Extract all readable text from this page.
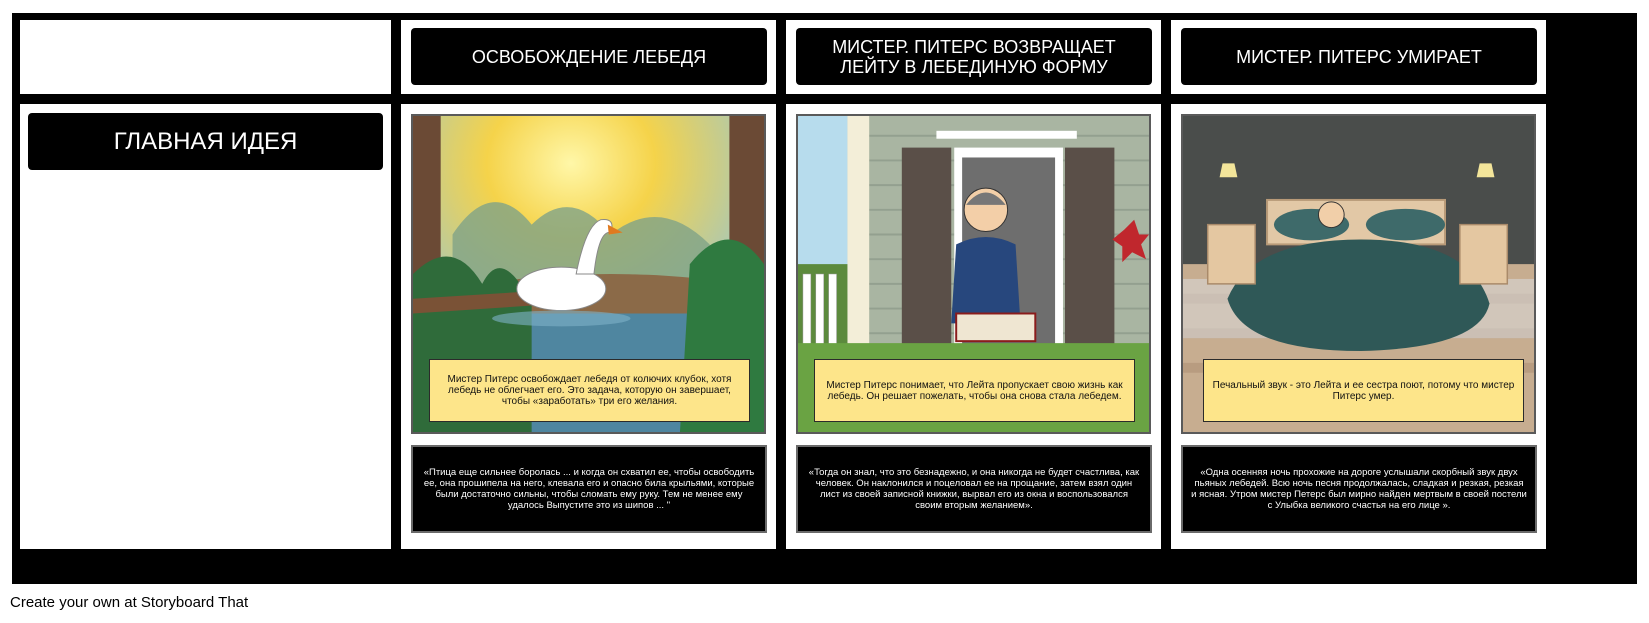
ОСВОБОЖДЕНИЕ ЛЕБЕДЯ	МИСТЕР. ПИТЕРС ВОЗВРАЩАЕТ ЛЕЙТУ В ЛЕБЕДИНУЮ ФОРМУ	МИСТЕР. ПИТЕРС УМИРАЕТ
ГЛАВНАЯ ИДЕЯ
Мистер Питерс освобождает лебедя от колючих клубок, хотя лебедь не облегчает его. Это задача, которую он завершает, чтобы «заработать» три его желания.
«Птица еще сильнее боролась ... и когда он схватил ее, чтобы освободить ее, она прошипела на него, клевала его и опасно била крыльями, которые были достаточно сильны, чтобы сломать ему руку. Тем не менее ему удалось Выпустите это из шипов ... "
Мистер Питерс понимает, что Лейта пропускает свою жизнь как лебедь. Он решает пожелать, чтобы она снова стала лебедем.
«Тогда он знал, что это безнадежно, и она никогда не будет счастлива, как человек. Он наклонился и поцеловал ее на прощание, затем взял один лист из своей записной книжки, вырвал его из окна и воспользовался своим вторым желанием».
Печальный звук - это Лейта и ее сестра поют, потому что мистер Питерс умер.
«Одна осенняя ночь прохожие на дороге услышали скорбный звук двух пьяных лебедей. Всю ночь песня продолжалась, сладкая и резкая, резкая и ясная. Утром мистер Петерс был мирно найден мертвым в своей постели с Улыбка великого счастья на его лице ».
Create your own at Storyboard That
